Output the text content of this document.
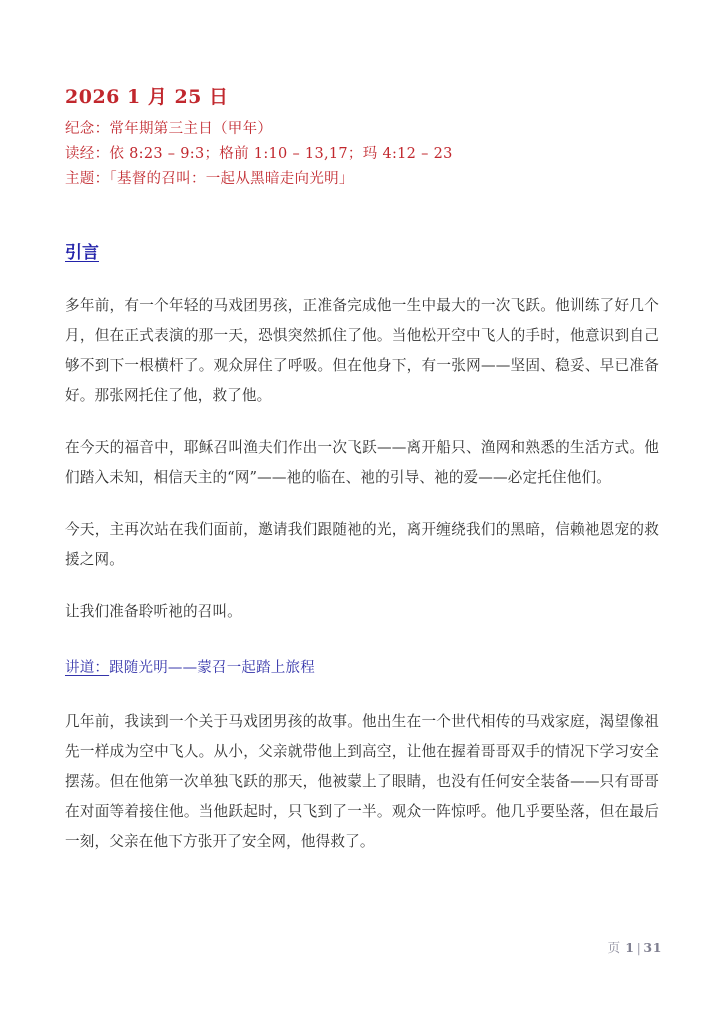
2026 1 月 25 日

纪念：常年期第三主日（甲年）

读经：依 8:23 – 9:3；格前 1:10 – 13,17；玛 4:12 – 23

主题：「基督的召叫：一起从黑暗走向光明」

引言

多年前，有一个年轻的马戏团男孩，正准备完成他一生中最大的一次飞跃。他训练了好几个月，但在正式表演的那一天，恐惧突然抓住了他。当他松开空中飞人的手时，他意识到自己够不到下一根横杆了。观众屏住了呼吸。但在他身下，有一张网——坚固、稳妥、早已准备好。那张网托住了他，救了他。

在今天的福音中，耶稣召叫渔夫们作出一次飞跃——离开船只、渔网和熟悉的生活方式。他们踏入未知，相信天主的“网”——祂的临在、祂的引导、祂的爱——必定托住他们。

今天，主再次站在我们面前，邀请我们跟随祂的光，离开缠绕我们的黑暗，信赖祂恩宠的救援之网。

让我们准备聆听祂的召叫。

讲道：跟随光明——蒙召一起踏上旅程

几年前，我读到一个关于马戏团男孩的故事。他出生在一个世代相传的马戏家庭，渴望像祖先一样成为空中飞人。从小，父亲就带他上到高空，让他在握着哥哥双手的情况下学习安全摆荡。但在他第一次单独飞跃的那天，他被蒙上了眼睛，也没有任何安全装备——只有哥哥在对面等着接住他。当他跃起时，只飞到了一半。观众一阵惊呼。他几乎要坠落，但在最后一刻，父亲在他下方张开了安全网，他得救了。

页 1 | 31
